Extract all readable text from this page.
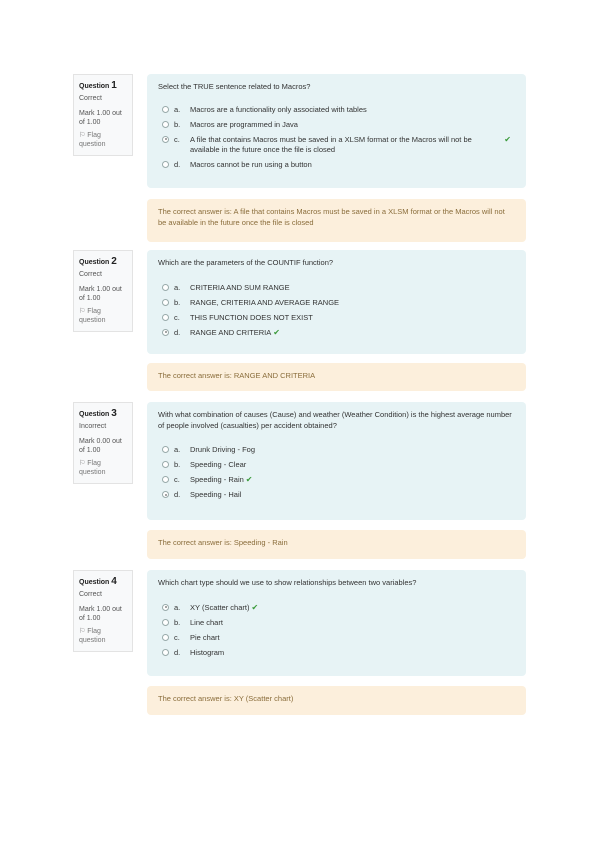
Question 1
Correct
Mark 1.00 out of 1.00
⚐ Flag question
Select the TRUE sentence related to Macros?
a.	Macros are a functionality only associated with tables
b.	Macros are programmed in Java
c.	A file that contains Macros must be saved in a XLSM format or the Macros will not be available in the future once the file is closed
✔
d.	Macros cannot be run using a button
The correct answer is: A file that contains Macros must be saved in a XLSM format or the Macros will not be available in the future once the file is closed
Question 2
Correct
Mark 1.00 out of 1.00
⚐ Flag question
Which are the parameters of the COUNTIF function?
a.	CRITERIA AND SUM RANGE
b.	RANGE, CRITERIA AND AVERAGE RANGE
c.	THIS FUNCTION DOES NOT EXIST
d.	RANGE AND CRITERIA ✔
The correct answer is: RANGE AND CRITERIA
Question 3
Incorrect
Mark 0.00 out of 1.00
⚐ Flag question
With what combination of causes (Cause) and weather (Weather Condition) is the highest average number of people involved (casualties) per accident obtained?
a.	Drunk Driving - Fog
b.	Speeding - Clear
c.	Speeding - Rain ✔
d.	Speeding - Hail
The correct answer is: Speeding - Rain
Question 4
Correct
Mark 1.00 out of 1.00
⚐ Flag question
Which chart type should we use to show relationships between two variables?
a.	XY (Scatter chart) ✔
b.	Line chart
c.	Pie chart
d.	Histogram
The correct answer is: XY (Scatter chart)
